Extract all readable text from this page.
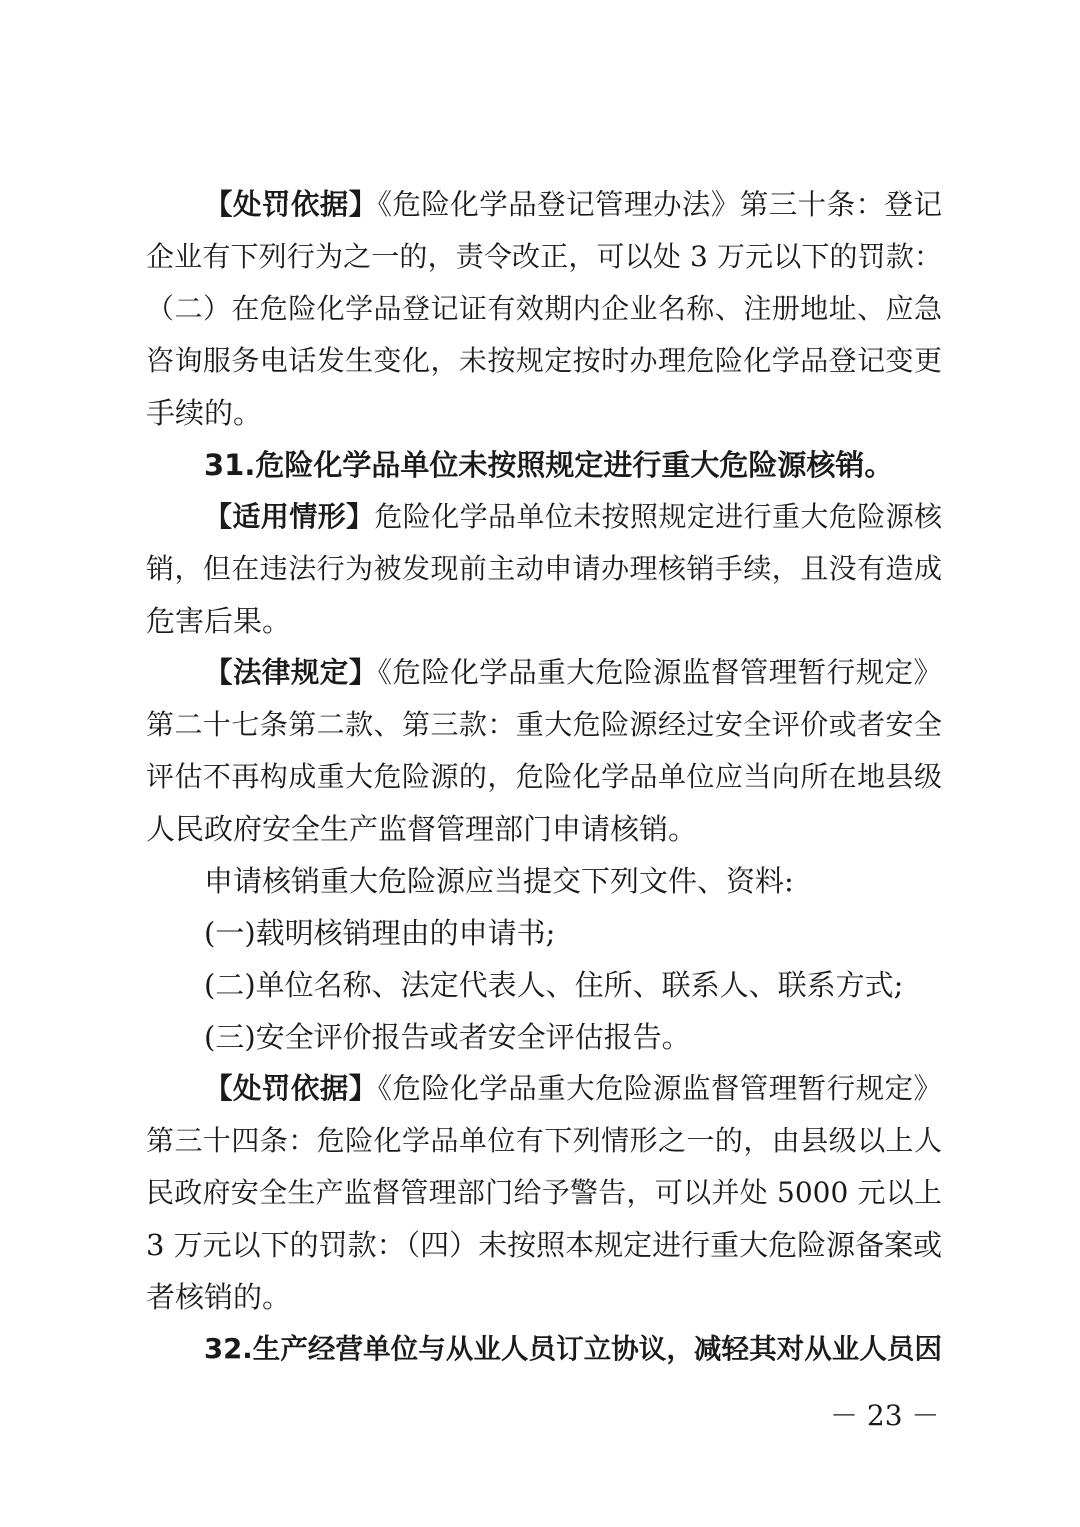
【处罚依据】《危险化学品登记管理办法》第三十条：登记
企业有下列行为之一的，责令改正，可以处 3 万元以下的罚款：
（二）在危险化学品登记证有效期内企业名称、注册地址、应急
咨询服务电话发生变化，未按规定按时办理危险化学品登记变更
手续的。
31.危险化学品单位未按照规定进行重大危险源核销。
【适用情形】危险化学品单位未按照规定进行重大危险源核
销，但在违法行为被发现前主动申请办理核销手续，且没有造成
危害后果。
【法律规定】《危险化学品重大危险源监督管理暂行规定》
第二十七条第二款、第三款：重大危险源经过安全评价或者安全
评估不再构成重大危险源的，危险化学品单位应当向所在地县级
人民政府安全生产监督管理部门申请核销。
申请核销重大危险源应当提交下列文件、资料:
(一)载明核销理由的申请书;
(二)单位名称、法定代表人、住所、联系人、联系方式;
(三)安全评价报告或者安全评估报告。
【处罚依据】《危险化学品重大危险源监督管理暂行规定》
第三十四条：危险化学品单位有下列情形之一的，由县级以上人
民政府安全生产监督管理部门给予警告，可以并处 5000 元以上
3 万元以下的罚款：（四）未按照本规定进行重大危险源备案或
者核销的。
32.生产经营单位与从业人员订立协议，减轻其对从业人员因
－ 23 －
